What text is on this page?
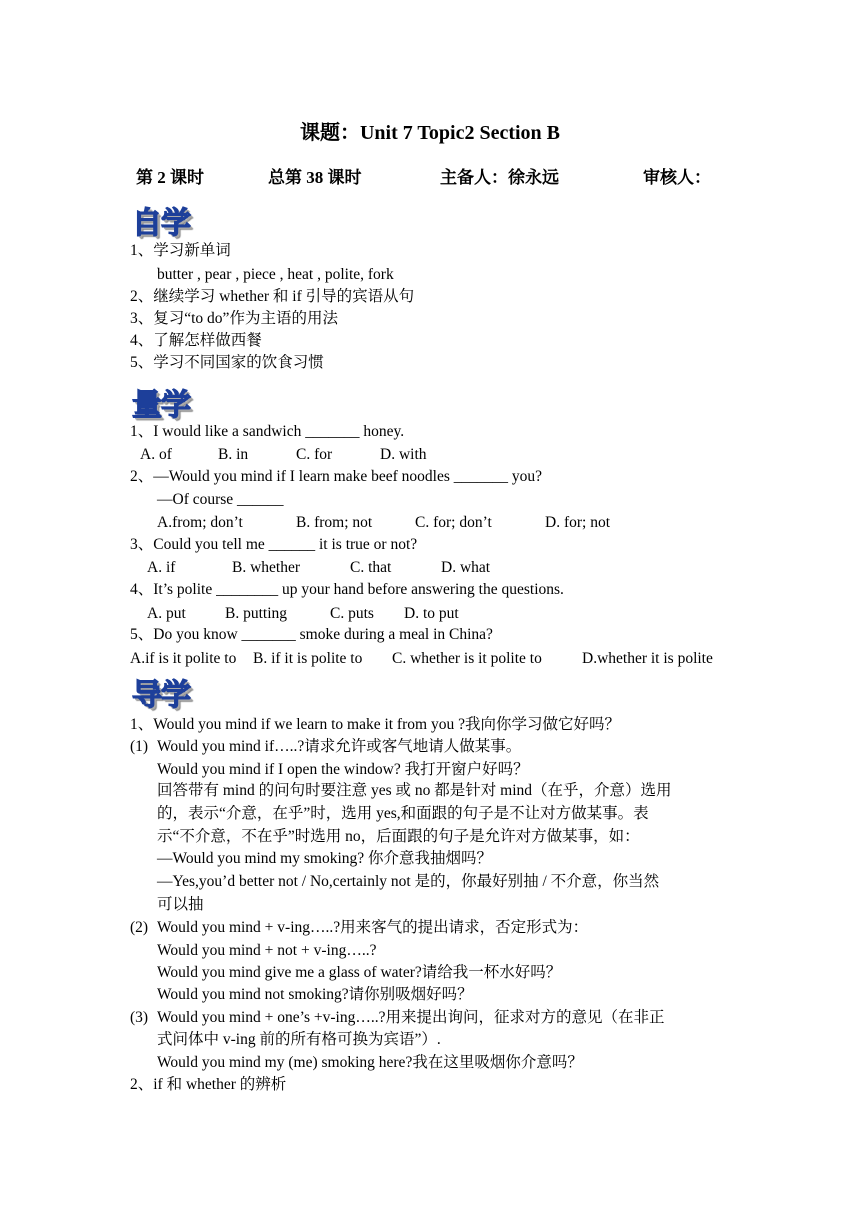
课题：Unit 7 Topic2 Section B
第 2 课时	总第 38 课时	主备人：徐永远	审核人：
自学
1、学习新单词
butter , pear , piece , heat , polite, fork
2、继续学习 whether 和 if 引导的宾语从句
3、复习“to do”作为主语的用法
4、了解怎样做西餐
5、学习不同国家的饮食习惯
量学
1、I would like a sandwich _______ honey.
A. of	B. in	C. for	D. with
2、—Would you mind if I learn make beef noodles _______ you?
—Of course ______
A.from; don’t	B. from; not	C. for; don’t	D. for; not
3、Could you tell me ______ it is true or not?
A. if	B. whether	C. that	D. what
4、It’s polite ________ up your hand before answering the questions.
A. put	B. putting	C. puts D. to put
5、Do you know _______ smoke during a meal in China?
A.if is it polite to B. if it is polite to C. whether is it polite to	D.whether it is polite
导学
1、Would you mind if we learn to make it from you ?我向你学习做它好吗？
(1) Would you mind if…..?请求允许或客气地请人做某事。
Would you mind if I open the window? 我打开窗户好吗？
回答带有 mind 的问句时要注意 yes 或 no 都是针对 mind（在乎，介意）选用
的，表示“介意，在乎”时，选用 yes,和面跟的句子是不让对方做某事。表
示“不介意，不在乎”时选用 no，后面跟的句子是允许对方做某事，如：
—Would you mind my smoking? 你介意我抽烟吗？
—Yes,you’d better not / No,certainly not 是的，你最好别抽 / 不介意，你当然
可以抽
(2) Would you mind + v-ing…..?用来客气的提出请求，否定形式为：
Would you mind + not + v-ing…..?
Would you mind give me a glass of water?请给我一杯水好吗？
Would you mind not smoking?请你别吸烟好吗？
(3) Would you mind + one’s +v-ing…..?用来提出询问，征求对方的意见（在非正
式问体中 v-ing 前的所有格可换为宾语”）.
Would you mind my (me) smoking here?我在这里吸烟你介意吗？
2、if 和 whether 的辨析
